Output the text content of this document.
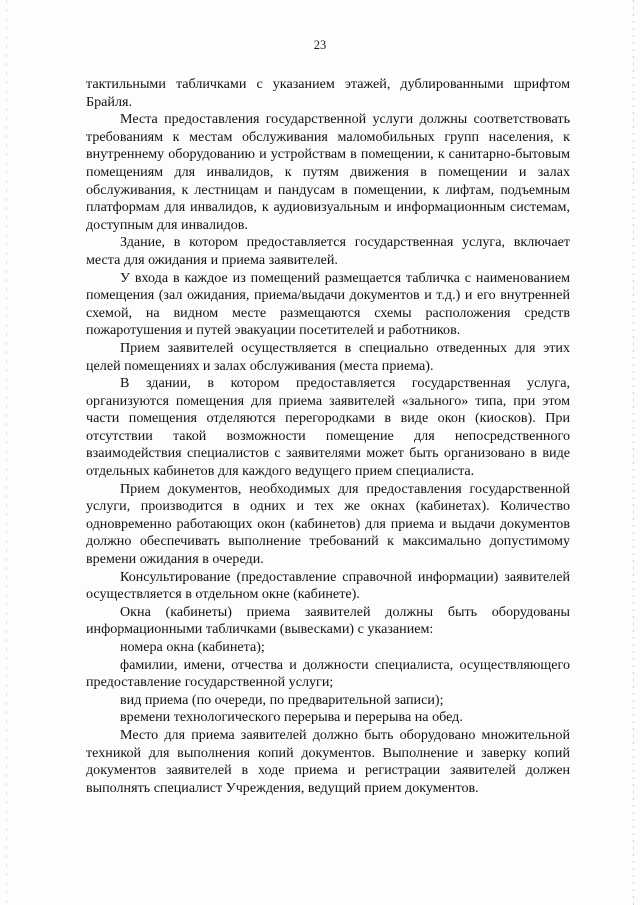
23

тактильными табличками с указанием этажей, дублированными шрифтом Брайля.

Места предоставления государственной услуги должны соответствовать требованиям к местам обслуживания маломобильных групп населения, к внутреннему оборудованию и устройствам в помещении, к санитарно-бытовым помещениям для инвалидов, к путям движения в помещении и залах обслуживания, к лестницам и пандусам в помещении, к лифтам, подъемным платформам для инвалидов, к аудиовизуальным и информационным системам, доступным для инвалидов.

Здание, в котором предоставляется государственная услуга, включает места для ожидания и приема заявителей.

У входа в каждое из помещений размещается табличка с наименованием помещения (зал ожидания, приема/выдачи документов и т.д.) и его внутренней схемой, на видном месте размещаются схемы расположения средств пожаротушения и путей эвакуации посетителей и работников.

Прием заявителей осуществляется в специально отведенных для этих целей помещениях и залах обслуживания (места приема).

В здании, в котором предоставляется государственная услуга, организуются помещения для приема заявителей «зального» типа, при этом части помещения отделяются перегородками в виде окон (киосков). При отсутствии такой возможности помещение для непосредственного взаимодействия специалистов с заявителями может быть организовано в виде отдельных кабинетов для каждого ведущего прием специалиста.

Прием документов, необходимых для предоставления государственной услуги, производится в одних и тех же окнах (кабинетах). Количество одновременно работающих окон (кабинетов) для приема и выдачи документов должно обеспечивать выполнение требований к максимально допустимому времени ожидания в очереди.

Консультирование (предоставление справочной информации) заявителей осуществляется в отдельном окне (кабинете).

Окна (кабинеты) приема заявителей должны быть оборудованы информационными табличками (вывесками) с указанием:

номера окна (кабинета);

фамилии, имени, отчества и должности специалиста, осуществляющего предоставление государственной услуги;

вид приема (по очереди, по предварительной записи);

времени технологического перерыва и перерыва на обед.

Место для приема заявителей должно быть оборудовано множительной техникой для выполнения копий документов. Выполнение и заверку копий документов заявителей в ходе приема и регистрации заявителей должен выполнять специалист Учреждения, ведущий прием документов.
